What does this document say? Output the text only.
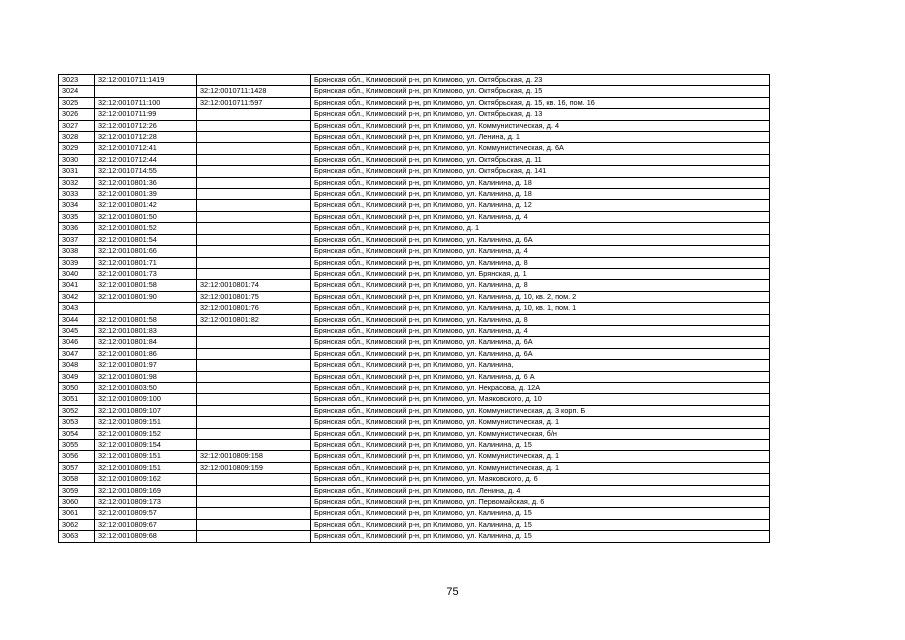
3023	32:12:0010711:1419		Брянская обл., Климовский р-н, рп Климово, ул. Октябрьская, д. 23
3024		32:12:0010711:1428	Брянская обл., Климовский р-н, рп Климово, ул. Октябрьская, д. 15
3025	32:12:0010711:100	32:12:0010711:597	Брянская обл., Климовский р-н, рп Климово, ул. Октябрьская, д. 15, кв. 16, пом. 16
3026	32:12:0010711:99		Брянская обл., Климовский р-н, рп Климово, ул. Октябрьская, д. 13
3027	32:12:0010712:26		Брянская обл., Климовский р-н, рп Климово, ул. Коммунистическая, д. 4
3028	32:12:0010712:28		Брянская обл., Климовский р-н, рп Климово, ул. Ленина, д. 1
3029	32:12:0010712:41		Брянская обл., Климовский р-н, рп Климово, ул. Коммунистическая, д. 6А
3030	32:12:0010712:44		Брянская обл., Климовский р-н, рп Климово, ул. Октябрьская, д. 11
3031	32:12:0010714:55		Брянская обл., Климовский р-н, рп Климово, ул. Октябрьская, д. 141
3032	32:12:0010801:36		Брянская обл., Климовский р-н, рп Климово, ул. Калинина, д. 18
3033	32:12:0010801:39		Брянская обл., Климовский р-н, рп Климово, ул. Калинина, д. 18
3034	32:12:0010801:42		Брянская обл., Климовский р-н, рп Климово, ул. Калинина, д. 12
3035	32:12:0010801:50		Брянская обл., Климовский р-н, рп Климово, ул. Калинина, д. 4
3036	32:12:0010801:52		Брянская обл., Климовский р-н, рп Климово, д. 1
3037	32:12:0010801:54		Брянская обл., Климовский р-н, рп Климово, ул. Калинина, д. 6А
3038	32:12:0010801:66		Брянская обл., Климовский р-н, рп Климово, ул. Калинина, д. 4
3039	32:12:0010801:71		Брянская обл., Климовский р-н, рп Климово, ул. Калинина, д. 8
3040	32:12:0010801:73		Брянская обл., Климовский р-н, рп Климово, ул. Брянская, д. 1
3041	32:12:0010801:58	32:12:0010801:74	Брянская обл., Климовский р-н, рп Климово, ул. Калинина, д. 8
3042	32:12:0010801:90	32:12:0010801:75	Брянская обл., Климовский р-н, рп Климово, ул. Калинина, д. 10, кв. 2, пом. 2
3043		32:12:0010801:76	Брянская обл., Климовский р-н, рп Климово, ул. Калинина, д. 10, кв. 1, пом. 1
3044	32:12:0010801:58	32:12:0010801:82	Брянская обл., Климовский р-н, рп Климово, ул. Калинина, д. 8
3045	32:12:0010801:83		Брянская обл., Климовский р-н, рп Климово, ул. Калинина, д. 4
3046	32:12:0010801:84		Брянская обл., Климовский р-н, рп Климово, ул. Калинина, д. 6А
3047	32:12:0010801:86		Брянская обл., Климовский р-н, рп Климово, ул. Калинина, д. 6А
3048	32:12:0010801:97		Брянская обл., Климовский р-н, рп Климово, ул. Калинина,
3049	32:12:0010801:98		Брянская обл., Климовский р-н, рп Климово, ул. Калинина, д. 6 А
3050	32:12:0010803:50		Брянская обл., Климовский р-н, рп Климово, ул. Некрасова, д. 12А
3051	32:12:0010809:100		Брянская обл., Климовский р-н, рп Климово, ул. Маяковского, д. 10
3052	32:12:0010809:107		Брянская обл., Климовский р-н, рп Климово, ул. Коммунистическая, д. 3 корп. Б
3053	32:12:0010809:151		Брянская обл., Климовский р-н, рп Климово, ул. Коммунистическая, д. 1
3054	32:12:0010809:152		Брянская обл., Климовский р-н, рп Климово, ул. Коммунистическая, б/н
3055	32:12:0010809:154		Брянская обл., Климовский р-н, рп Климово, ул. Калинина, д. 15
3056	32:12:0010809:151	32:12:0010809:158	Брянская обл., Климовский р-н, рп Климово, ул. Коммунистическая, д. 1
3057	32:12:0010809:151	32:12:0010809:159	Брянская обл., Климовский р-н, рп Климово, ул. Коммунистическая, д. 1
3058	32:12:0010809:162		Брянская обл., Климовский р-н, рп Климово, ул. Маяковского, д. 6
3059	32:12:0010809:169		Брянская обл., Климовский р-н, рп Климово, пл. Ленина, д. 4
3060	32:12:0010809:173		Брянская обл., Климовский р-н, рп Климово, ул. Первомайская, д. 6
3061	32:12:0010809:57		Брянская обл., Климовский р-н, рп Климово, ул. Калинина, д. 15
3062	32:12:0010809:67		Брянская обл., Климовский р-н, рп Климово, ул. Калинина, д. 15
3063	32:12:0010809:68		Брянская обл., Климовский р-н, рп Климово, ул. Калинина, д. 15
75
